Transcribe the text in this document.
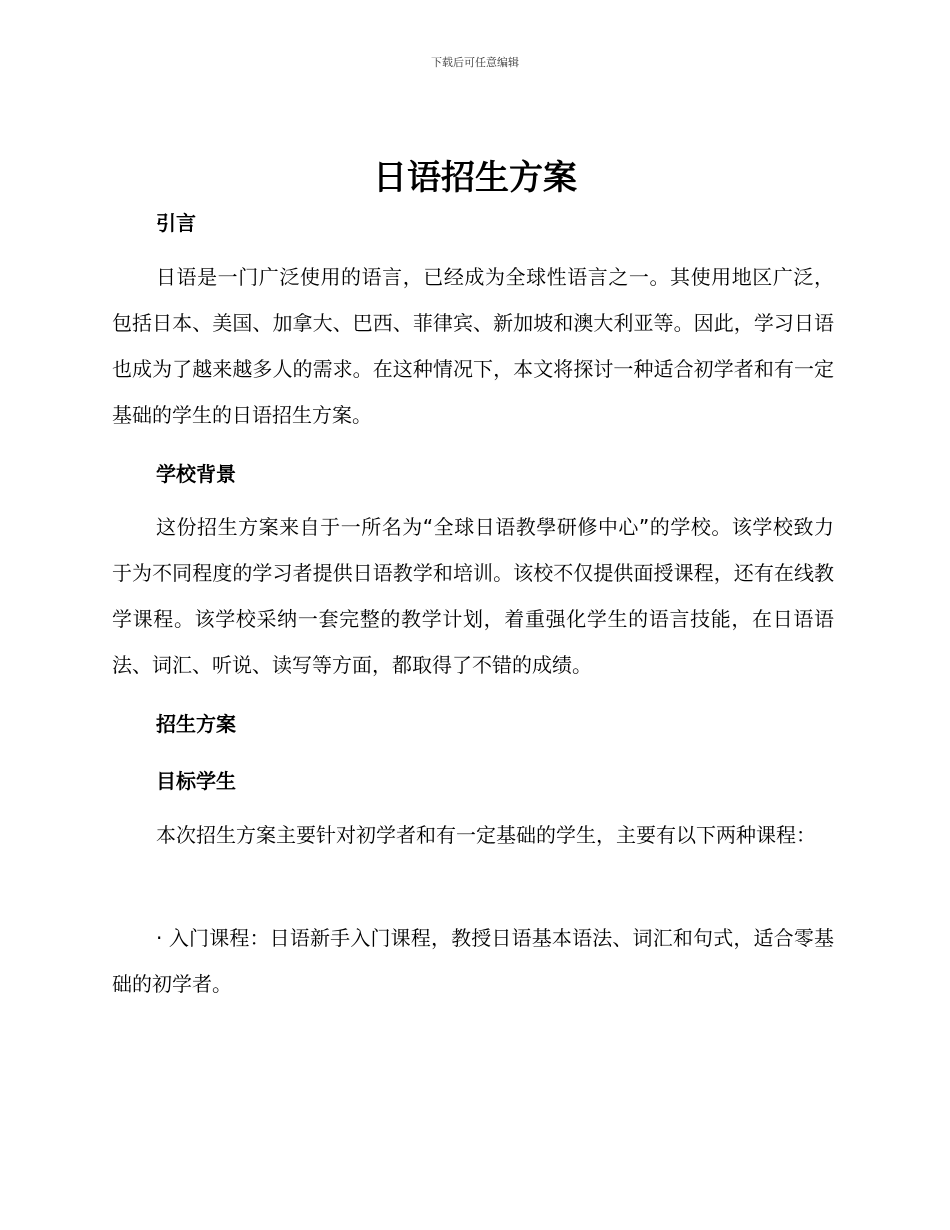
下载后可任意编辑
日语招生方案
引言

日语是一门广泛使用的语言，已经成为全球性语言之一。其使用地区广泛，包括日本、美国、加拿大、巴西、菲律宾、新加坡和澳大利亚等。因此，学习日语也成为了越来越多人的需求。在这种情况下，本文将探讨一种适合初学者和有一定基础的学生的日语招生方案。

学校背景

这份招生方案来自于一所名为“全球日语教學研修中心”的学校。该学校致力于为不同程度的学习者提供日语教学和培训。该校不仅提供面授课程，还有在线教学课程。该学校采纳一套完整的教学计划，着重强化学生的语言技能，在日语语法、词汇、听说、读写等方面，都取得了不错的成绩。

招生方案
目标学生

本次招生方案主要针对初学者和有一定基础的学生，主要有以下两种课程：

· 入门课程：日语新手入门课程，教授日语基本语法、词汇和句式，适合零基础的初学者。
